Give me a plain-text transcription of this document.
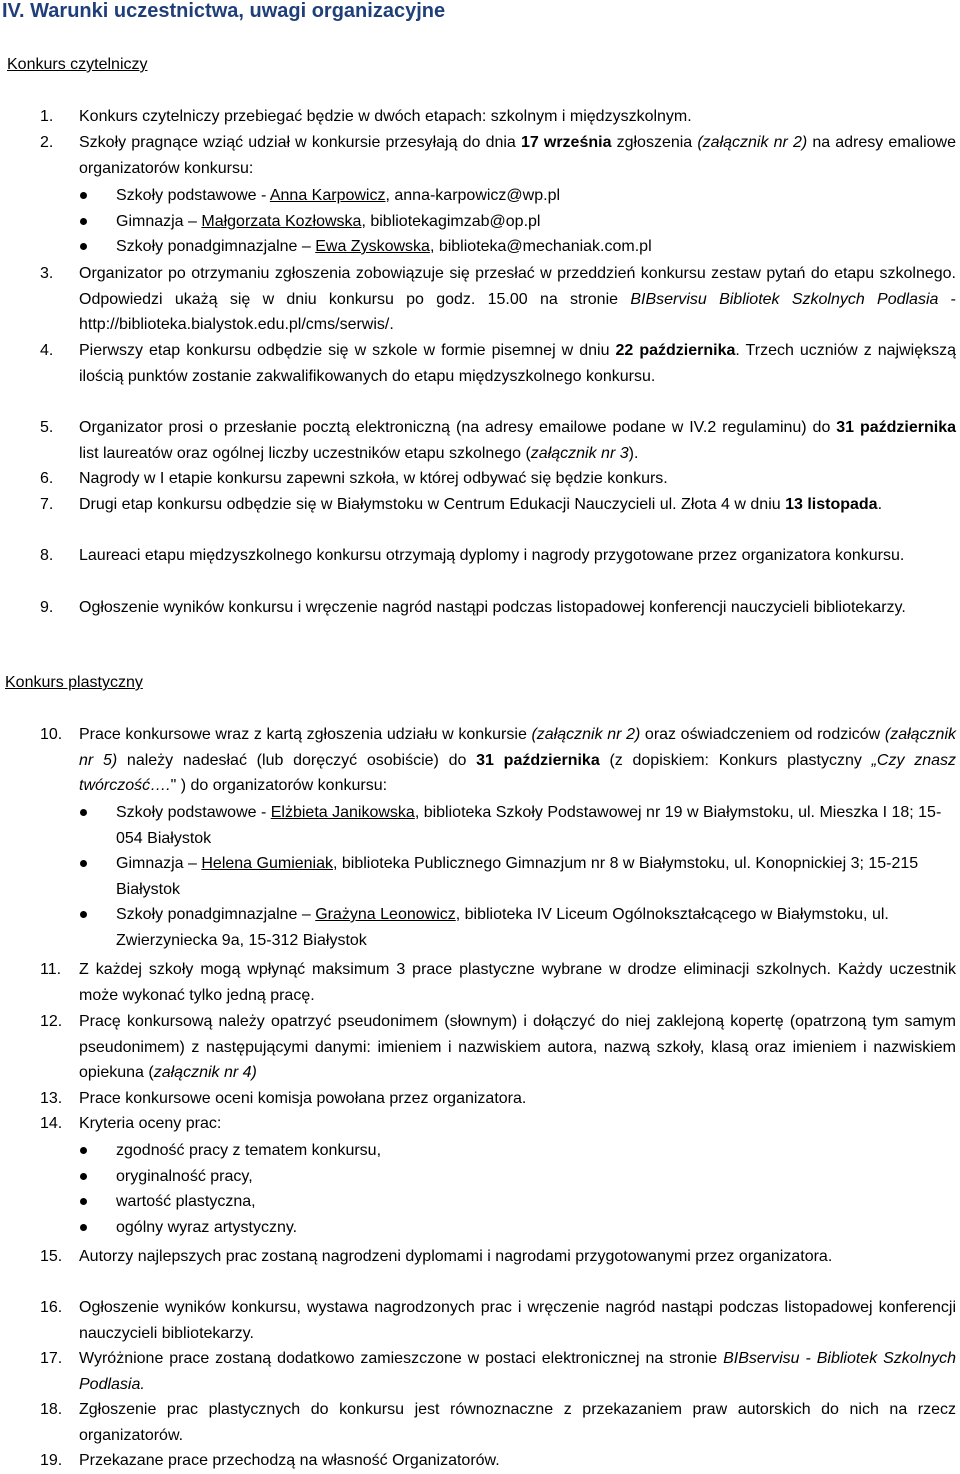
IV. Warunki uczestnictwa, uwagi organizacyjne
Konkurs czytelniczy
1.	Konkurs czytelniczy przebiegać będzie w dwóch etapach: szkolnym i międzyszkolnym.
2.	Szkoły pragnące wziąć udział w konkursie przesyłają do dnia 17 września zgłoszenia (załącznik nr 2) na adresy emaliowe organizatorów konkursu:
Szkoły podstawowe - Anna Karpowicz, anna-karpowicz@wp.pl
Gimnazja – Małgorzata Kozłowska, bibliotekagimzab@op.pl
Szkoły ponadgimnazjalne – Ewa Zyskowska, biblioteka@mechaniak.com.pl
3.	Organizator po otrzymaniu zgłoszenia zobowiązuje się przesłać w przeddzień konkursu zestaw pytań do etapu szkolnego. Odpowiedzi ukażą się w dniu konkursu po godz. 15.00 na stronie BIBservisu Bibliotek Szkolnych Podlasia - http://biblioteka.bialystok.edu.pl/cms/serwis/.
4.	Pierwszy etap konkursu odbędzie się w szkole w formie pisemnej w dniu 22 października. Trzech uczniów z największą ilością punktów zostanie zakwalifikowanych do etapu międzyszkolnego konkursu.
5.	Organizator prosi o przesłanie pocztą elektroniczną (na adresy emailowe podane w IV.2 regulaminu) do 31 października list laureatów oraz ogólnej liczby uczestników etapu szkolnego (załącznik nr 3).
6.	Nagrody w I etapie konkursu zapewni szkoła, w której odbywać się będzie konkurs.
7.	Drugi etap konkursu odbędzie się w Białymstoku w Centrum Edukacji Nauczycieli ul. Złota 4 w dniu 13 listopada.
8.	Laureaci etapu międzyszkolnego konkursu otrzymają dyplomy i nagrody przygotowane przez organizatora konkursu.
9.	Ogłoszenie wyników konkursu i wręczenie nagród nastąpi podczas listopadowej konferencji nauczycieli bibliotekarzy.
Konkurs plastyczny
10.	Prace konkursowe wraz z kartą zgłoszenia udziału w konkursie (załącznik nr 2) oraz oświadczeniem od rodziców (załącznik nr 5) należy nadesłać (lub doręczyć osobiście) do 31 października (z dopiskiem: Konkurs plastyczny „Czy znasz twórczość…." ) do organizatorów konkursu:
Szkoły podstawowe - Elżbieta Janikowska, biblioteka Szkoły Podstawowej nr 19 w Białymstoku, ul. Mieszka I 18; 15-054 Białystok
Gimnazja – Helena Gumieniak, biblioteka Publicznego Gimnazjum nr 8 w Białymstoku, ul. Konopnickiej 3; 15-215 Białystok
Szkoły ponadgimnazjalne – Grażyna Leonowicz, biblioteka IV Liceum Ogólnokształcącego w Białymstoku, ul. Zwierzyniecka 9a, 15-312 Białystok
11.	Z każdej szkoły mogą wpłynąć maksimum 3 prace plastyczne wybrane w drodze eliminacji szkolnych. Każdy uczestnik może wykonać tylko jedną pracę.
12.	Pracę konkursową należy opatrzyć pseudonimem (słownym) i dołączyć do niej zaklejoną kopertę (opatrzoną tym samym pseudonimem) z następującymi danymi: imieniem i nazwiskiem autora, nazwą szkoły, klasą oraz imieniem i nazwiskiem opiekuna (załącznik nr 4)
13.	Prace konkursowe oceni komisja powołana przez organizatora.
14.	Kryteria oceny prac:
zgodność pracy z tematem konkursu,
oryginalność pracy,
wartość plastyczna,
ogólny wyraz artystyczny.
15.	Autorzy najlepszych prac zostaną nagrodzeni dyplomami i nagrodami przygotowanymi przez organizatora.
16.	Ogłoszenie wyników konkursu, wystawa nagrodzonych prac i wręczenie nagród nastąpi podczas listopadowej konferencji nauczycieli bibliotekarzy.
17.	Wyróżnione prace zostaną dodatkowo zamieszczone w postaci elektronicznej na stronie BIBservisu - Bibliotek Szkolnych Podlasia.
18.	Zgłoszenie prac plastycznych do konkursu jest równoznaczne z przekazaniem praw autorskich do nich na rzecz organizatorów.
19.	Przekazane prace przechodzą na własność Organizatorów.
